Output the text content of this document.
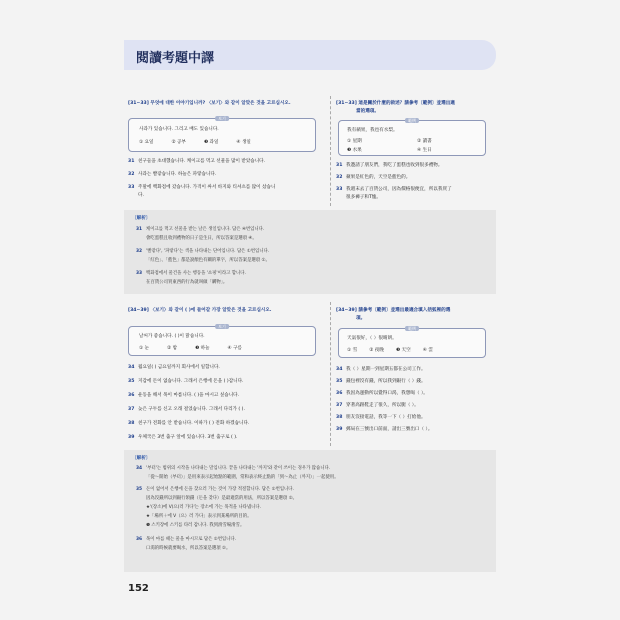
閱讀考題中譯
[31~33] 무엇에 대한 이야기입니까? 〈보기〉와 같이 알맞은 것을 고르십시오.
보기
사과가 있습니다. 그리고 배도 있습니다.
① 요일	② 공부	❸ 과일	④ 생일
31 친구들을 초대했습니다. 케이크를 먹고 선물을 많이 받았습니다.
32 사과는 빨갛습니다. 하늘은 파랗습니다.
33 주말에 백화점에 갔습니다. 가격이 싸서 바지와 티셔츠를 많이 샀습니
다.
[31~33] 這是關於什麼的敘述？請參考〔範例〕並選出適
當的選項。
範例
我有蘋果，我也有水梨。
① 星期	② 讀書
❸ 水果	④ 生日
31 我邀請了朋友們，我吃了蛋糕也收到很多禮物。
32 蘋果是紅色的，天空是藍色的。
33 我週末去了百貨公司，因為價格很便宜，所以我買了
很多褲子和T恤。
〔解析〕
31 케이크를 먹고 선물을 받는 날은 생일입니다. 답은 ④번입니다.
會吃蛋糕且收到禮物的日子是生日，所以答案是選項 ④。
32 '빨갛다', '파랗다'는 색을 나타내는 단어입니다. 답은 ①번입니다.
「紅色」、「藍色」都是說顏色有關的單字，所以答案是選項 ①。
33 백화점에서 물건을 사는 행동을 '쇼핑'이라고 합니다.
在百貨公司買東西的行為就叫做「購物」。
[34~39] 〈보기〉와 같이 ( )에 들어갈 가장 알맞은 것을 고르십시오.
보기
날씨가 좋습니다. ( )이 맑습니다.
① 눈	② 밤	❸ 하늘	④ 구름
34 월요일( ) 금요일까지 회사에서 일합니다.
35 지갑에 돈이 없습니다. 그래서 은행에 돈을 ( )갑니다.
36 운동을 해서 목이 마릅니다. ( )을 마시고 싶습니다.
37 늦은 구두를 신고 오래 걸었습니다. 그래서 다리가 ( ).
38 친구가 전화를 안 받습니다. 이따가 ( ) 전화 하겠습니다.
39 우체국은 3번 출구 앞에 있습니다. 3번 출구로 ( ).
[34~39] 請參考〔範例〕並選出最適合填入括弧裡的選
項。
範例
天氣很好，（ ）很晴朗。
① 雪	② 夜晚	❸ 天空	④ 雲
34 我（ ）星期一到星期五都在公司工作。
35 錢包裡沒有錢，所以我到銀行（ ）錢。
36 我因為運動所以覺得口渴，我想喝（ ）。
37 穿著高跟鞋走了很久，所以腿（ ）。
38 朋友沒接電話，我等一下（ ）打給他。
39 郵局在三號出口前面，請出三號出口（ ）。
〔解析〕
34 '부터'는 범위의 시작을 나타내는 말입니다. 끝을 나타내는 '까지'와 같이 쓰이는 경우가 많습니다.
「從～開始（부터）」是用來表示起始點的範圍，常和表示終止點的「到～為止（까지）」一起使用。
35 돈이 없어서 은행에 돈을 찾으러 가는 것이 가장 적절합니다. 답은 ②번입니다.
因為沒錢所以到銀行領錢（돈을 찾다）是最適當的用法，所以答案是選項 ②。
★'(장소)에 V(으)러 가다'는 장소에 가는 목적을 나타냅니다.
★「場所＋에 V（으）러 가다」表示到某場所的目的。
❶ 스키장에 스키를 타러 갑니다. 我到滑雪場滑雪。
36 목이 마를 때는 물을 마시므로 답은 ②번입니다.
口渴的時候就要喝水，所以答案是選項 ②。
152
